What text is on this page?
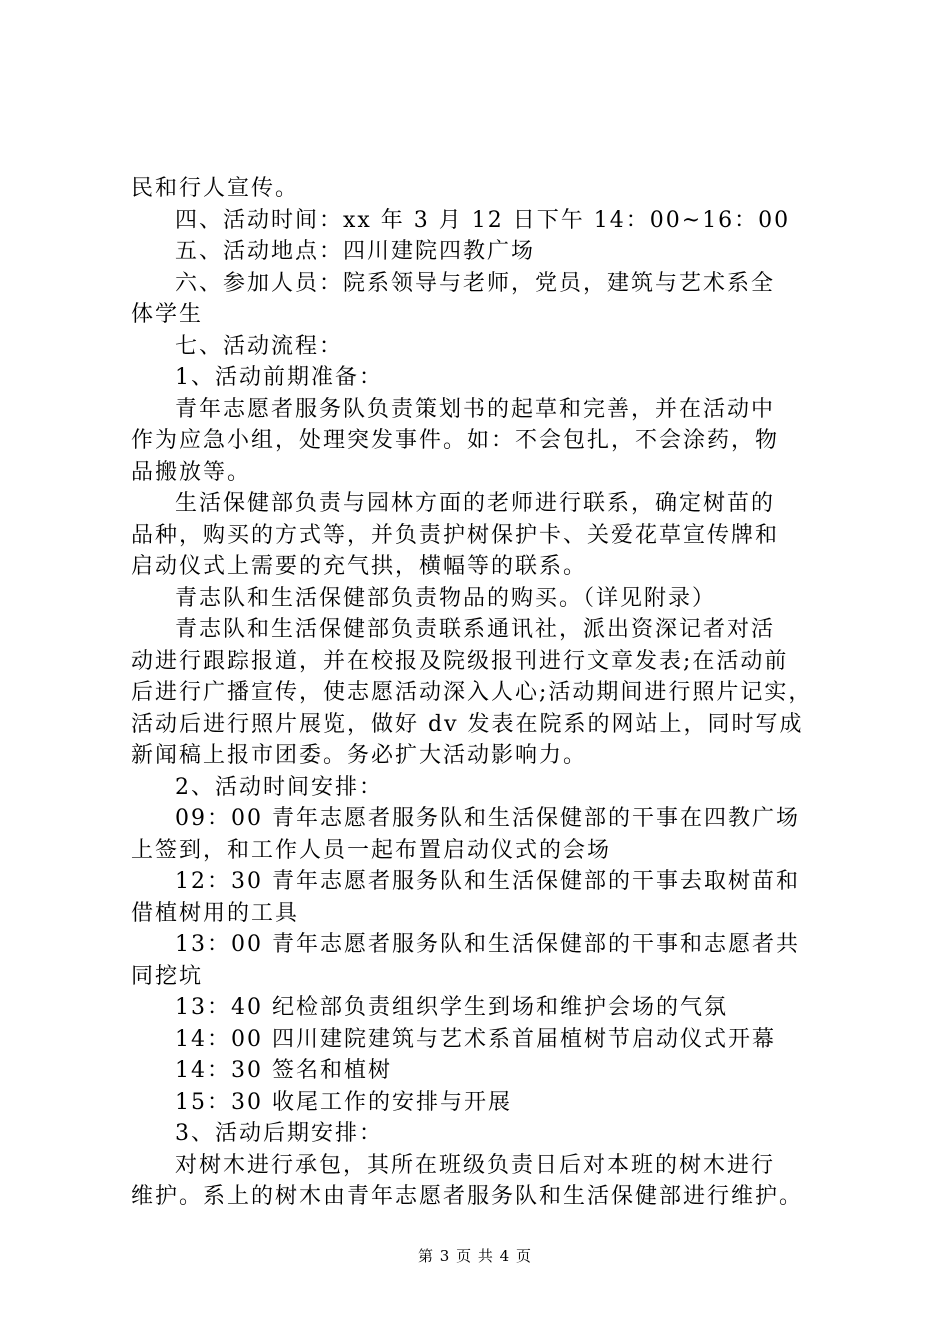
民和行人宣传。
四、活动时间：xx 年 3 月 12 日下午 14：00~16：00
五、活动地点：四川建院四教广场
六、参加人员：院系领导与老师，党员，建筑与艺术系全
体学生
七、活动流程：
1、活动前期准备：
青年志愿者服务队负责策划书的起草和完善，并在活动中
作为应急小组，处理突发事件。如：不会包扎，不会涂药，物
品搬放等。
生活保健部负责与园林方面的老师进行联系，确定树苗的
品种，购买的方式等，并负责护树保护卡、关爱花草宣传牌和
启动仪式上需要的充气拱，横幅等的联系。
青志队和生活保健部负责物品的购买。（详见附录）
青志队和生活保健部负责联系通讯社，派出资深记者对活
动进行跟踪报道，并在校报及院级报刊进行文章发表;在活动前
后进行广播宣传，使志愿活动深入人心;活动期间进行照片记实，
活动后进行照片展览，做好 dv 发表在院系的网站上，同时写成
新闻稿上报市团委。务必扩大活动影响力。
2、活动时间安排：
09：00 青年志愿者服务队和生活保健部的干事在四教广场
上签到，和工作人员一起布置启动仪式的会场
12：30 青年志愿者服务队和生活保健部的干事去取树苗和
借植树用的工具
13：00 青年志愿者服务队和生活保健部的干事和志愿者共
同挖坑
13：40 纪检部负责组织学生到场和维护会场的气氛
14：00 四川建院建筑与艺术系首届植树节启动仪式开幕
14：30 签名和植树
15：30 收尾工作的安排与开展
3、活动后期安排：
对树木进行承包，其所在班级负责日后对本班的树木进行
维护。系上的树木由青年志愿者服务队和生活保健部进行维护。
第 3 页 共 4 页
